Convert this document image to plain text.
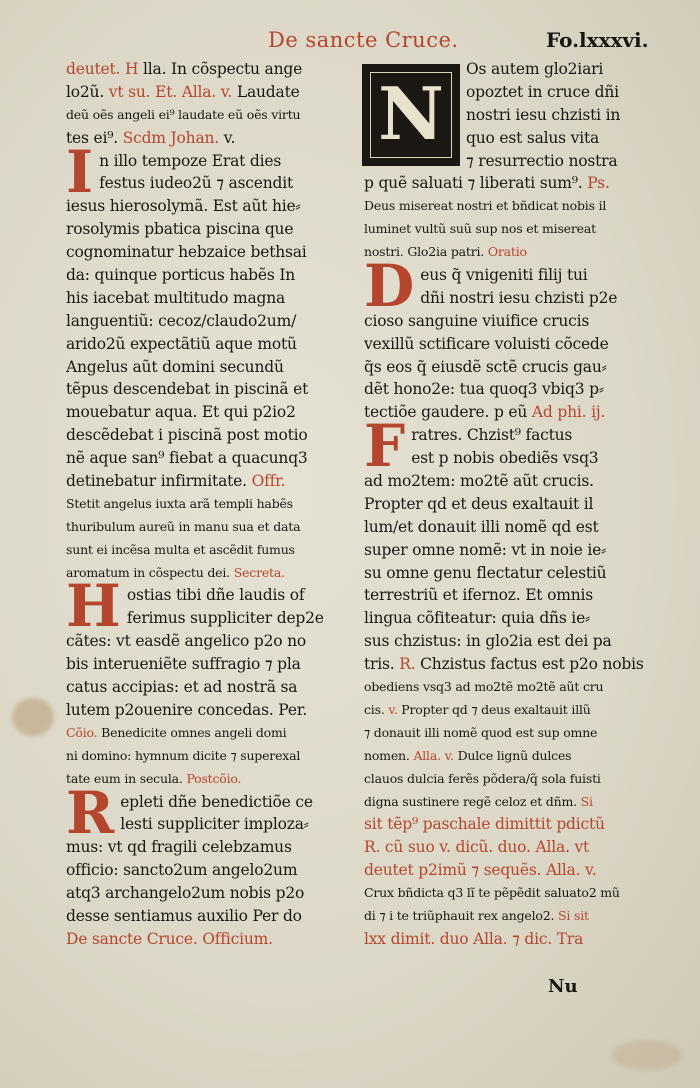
De sancte Cruce.	Fo.lxxxvi.
deutet. H lla. In cõspectu ange
lo2ũ. vt su. Et. Alla. v. Laudate
deũ oẽs angeli ei⁹ laudate eũ oẽs virtu
tes ei⁹. Scdm Johan. v.
I n illo tempoze Erat dies
festus iudeo2ũ ⁊ ascendit
iesus hierosolymã. Est aũt hie⸗
rosolymis pbatica piscina que
cognominatur hebzaice bethsai
da: quinque porticus habẽs In
his iacebat multitudo magna
languentiũ: cecoz/claudo2um/
arido2ũ expectãtiũ aque motũ
Angelus aũt domini secundũ
tẽpus descendebat in piscinã et
mouebatur aqua. Et qui p2io2
descẽdebat i piscinã post motio
nẽ aque san⁹ fiebat a quacunq3
detinebatur infirmitate. Offr.
Stetit angelus iuxta arã templi habẽs
thuribulum aureũ in manu sua et data
sunt ei incẽsa multa et ascẽdit fumus
aromatum in cõspectu dei. Secreta.
H ostias tibi dñe laudis of
ferimus suppliciter dep2e
cãtes: vt easdẽ angelico p2o no
bis interueniẽte suffragio ⁊ pla
catus accipias: et ad nostrã sa
lutem p2ouenire concedas. Per.
Cõio. Benedicite omnes angeli domi
ni domino: hymnum dicite ⁊ superexal
tate eum in secula. Postcõio.
R epleti dñe benedictiõe ce
lesti suppliciter imploza⸗
mus: vt qd fragili celebzamus
officio: sancto2um angelo2um
atq3 archangelo2um nobis p2o
desse sentiamus auxilio Per do
De sancte Cruce. Officium.
N
Os autem glo2iari
opoztet in cruce dñi
nostri iesu chzisti in
quo est salus vita
⁊ resurrectio nostra
p quẽ saluati ⁊ liberati sum⁹. Ps.
Deus misereat nostri et bñdicat nobis il
luminet vultũ suũ sup nos et misereat
nostri. Glo2ia patri. Oratio
D eus q̃ vnigeniti filij tui
dñi nostri iesu chzisti p2e
cioso sanguine viuifice crucis
vexillũ sctificare voluisti cõcede
q̃s eos q̃ eiusdẽ sctẽ crucis gau⸗
dẽt hono2e: tua quoq3 vbiq3 p⸗
tectiõe gaudere. p eũ Ad phi. ij.
F ratres. Chzist⁹ factus
est p nobis obediẽs vsq3
ad mo2tem: mo2tẽ aũt crucis.
Propter qd et deus exaltauit il
lum/et donauit illi nomẽ qd est
super omne nomẽ: vt in noie ie⸗
su omne genu flectatur celestiũ
terrestriũ et ifernoz. Et omnis
lingua cõfiteatur: quia dñs ie⸗
sus chzistus: in glo2ia est dei pa
tris. R. Chzistus factus est p2o nobis
obediens vsq3 ad mo2tẽ mo2tẽ aũt cru
cis. v. Propter qd ⁊ deus exaltauit illũ
⁊ donauit illi nomẽ quod est sup omne
nomen. Alla. v. Dulce lignũ dulces
clauos dulcia ferẽs põdera/q̃ sola fuisti
digna sustinere regẽ celoz et dñm. Si
sit tẽp⁹ paschale dimittit pdictũ
R. cũ suo v. dicũ. duo. Alla. vt
deutet p2imũ ⁊ sequẽs. Alla. v.
Crux bñdicta q3 lĩ te pẽpẽdit saluato2 mũ
di ⁊ i te triũphauit rex angelo2. Si sit
lxx dimit. duo Alla. ⁊ dic. Tra
Nu
